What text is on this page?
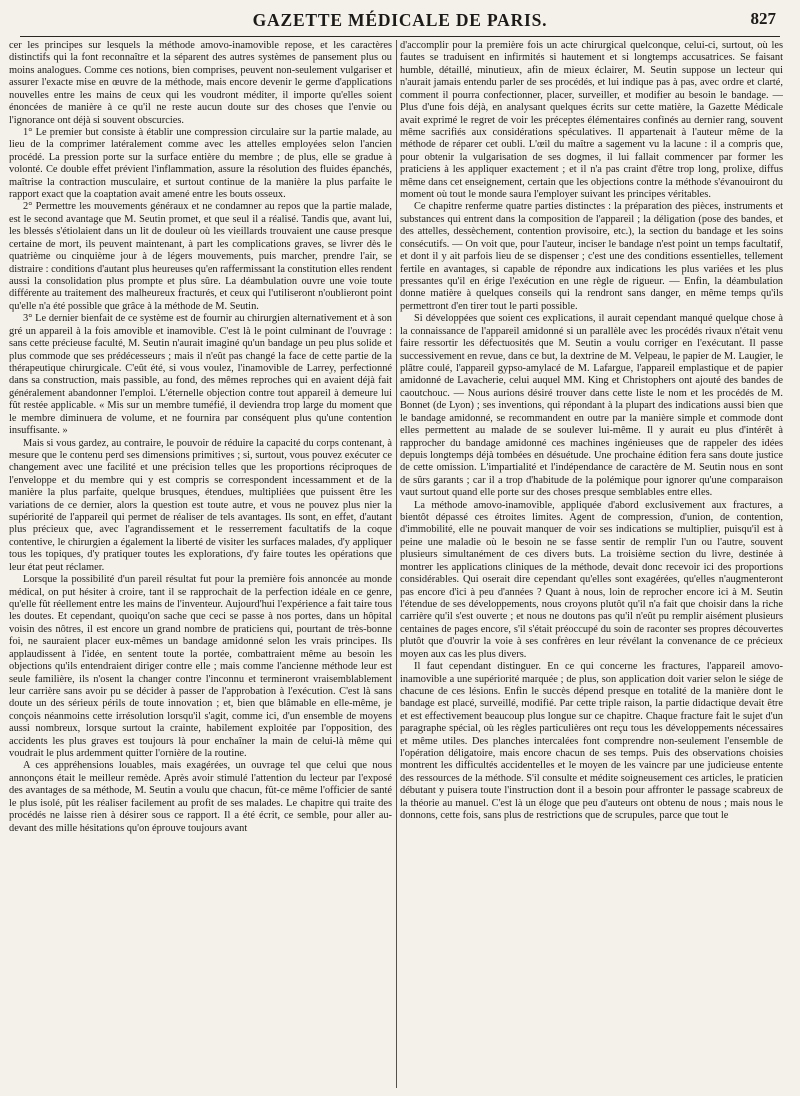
GAZETTE MÉDICALE DE PARIS.	827

cer les principes sur lesquels la méthode amovo-inamovible repose, et les caractères distinctifs qui la font reconnaître et la séparent des autres systèmes de pansement plus ou moins analogues. Comme ces notions, bien comprises, peuvent non-seulement vulgariser et assurer l'exacte mise en œuvre de la méthode, mais encore devenir le germe d'applications nouvelles entre les mains de ceux qui les voudront méditer, il importe qu'elles soient énoncées de manière à ce qu'il ne reste aucun doute sur des choses que l'envie ou l'ignorance ont déjà si souvent obscurcies.

1° Le premier but consiste à établir une compression circulaire sur la partie malade, au lieu de la comprimer latéralement comme avec les attelles employées selon l'ancien procédé. La pression porte sur la surface entière du membre ; de plus, elle se gradue à volonté. Ce double effet prévient l'inflammation, assure la résolution des fluides épanchés, maîtrise la contraction musculaire, et surtout continue de la manière la plus parfaite le rapport exact que la coaptation avait amené entre les bouts osseux.

2° Permettre les mouvements généraux et ne condamner au repos que la partie malade, est le second avantage que M. Seutin promet, et que seul il a réalisé. Tandis que, avant lui, les blessés s'étiolaient dans un lit de douleur où les vieillards trouvaient une cause presque certaine de mort, ils peuvent maintenant, à part les complications graves, se livrer dès le quatrième ou cinquième jour à de légers mouvements, puis marcher, prendre l'air, se distraire : conditions d'autant plus heureuses qu'en raffermissant la constitution elles rendent aussi la consolidation plus prompte et plus sûre. La déambulation ouvre une voie toute différente au traitement des malheureux fracturés, et ceux qui l'utiliseront n'oublieront point qu'elle n'a été possible que grâce à la méthode de M. Seutin.

3° Le dernier bienfait de ce système est de fournir au chirurgien alternativement et à son gré un appareil à la fois amovible et inamovible. C'est là le point culminant de l'ouvrage : sans cette précieuse faculté, M. Seutin n'aurait imaginé qu'un bandage un peu plus solide et plus commode que ses prédécesseurs ; mais il n'eût pas changé la face de cette partie de la thérapeutique chirurgicale. C'eût été, si vous voulez, l'inamovible de Larrey, perfectionné dans sa construction, mais passible, au fond, des mêmes reproches qui en avaient déjà fait généralement abandonner l'emploi. L'éternelle objection contre tout appareil à demeure lui fût restée applicable. « Mis sur un membre tuméfié, il deviendra trop large du moment que le membre diminuera de volume, et ne fournira par conséquent plus qu'une contention insuffisante. »

Mais si vous gardez, au contraire, le pouvoir de réduire la capacité du corps contenant, à mesure que le contenu perd ses dimensions primitives ; si, surtout, vous pouvez exécuter ce changement avec une facilité et une précision telles que les proportions réciproques de l'enveloppe et du membre qui y est compris se correspondent incessamment et de la manière la plus parfaite, quelque brusques, étendues, multipliées que puissent être les variations de ce dernier, alors la question est toute autre, et vous ne pouvez plus nier la supériorité de l'appareil qui permet de réaliser de tels avantages. Ils sont, en effet, d'autant plus précieux que, avec l'agrandissement et le resserrement facultatifs de la coque contentive, le chirurgien a également la liberté de visiter les surfaces malades, d'y appliquer tous les topiques, d'y pratiquer toutes les explorations, d'y faire toutes les opérations que leur état peut réclamer.

Lorsque la possibilité d'un pareil résultat fut pour la première fois annoncée au monde médical, on put hésiter à croire, tant il se rapprochait de la perfection idéale en ce genre, qu'elle fût réellement entre les mains de l'inventeur. Aujourd'hui l'expérience a fait taire tous les doutes. Et cependant, quoiqu'on sache que ceci se passe à nos portes, dans un hôpital voisin des nôtres, il est encore un grand nombre de praticiens qui, pourtant de très-bonne foi, ne sauraient placer eux-mêmes un bandage amidonné selon les vrais principes. Ils applaudissent à l'idée, en sentent toute la portée, combattraient même au besoin les objections qu'ils entendraient diriger contre elle ; mais comme l'ancienne méthode leur est seule familière, ils n'osent la changer contre l'inconnu et termineront vraisemblablement leur carrière sans avoir pu se décider à passer de l'approbation à l'exécution. C'est là sans doute un des sérieux périls de toute innovation ; et, bien que blâmable en elle-même, je conçois néanmoins cette irrésolution lorsqu'il s'agit, comme ici, d'un ensemble de moyens aussi nombreux, lorsque surtout la crainte, habilement exploitée par l'opposition, des accidents les plus graves est toujours là pour enchaîner la main de celui-là même qui voudrait le plus ardemment quitter l'ornière de la routine.

A ces appréhensions louables, mais exagérées, un ouvrage tel que celui que nous annonçons était le meilleur remède. Après avoir stimulé l'attention du lecteur par l'exposé des avantages de sa méthode, M. Seutin a voulu que chacun, fût-ce même l'officier de santé le plus isolé, pût les réaliser facilement au profit de ses malades. Le chapitre qui traite des procédés ne laisse rien à désirer sous ce rapport. Il a été écrit, ce semble, pour aller au-devant des mille hésitations qu'on éprouve toujours avant

d'accomplir pour la première fois un acte chirurgical quelconque, celui-ci, surtout, où les fautes se traduisent en infirmités si hautement et si longtemps accusatrices. Se faisant humble, détaillé, minutieux, afin de mieux éclairer, M. Seutin suppose un lecteur qui n'aurait jamais entendu parler de ses procédés, et lui indique pas à pas, avec ordre et clarté, comment il pourra confectionner, placer, surveiller, et modifier au besoin le bandage. — Plus d'une fois déjà, en analysant quelques écrits sur cette matière, la Gazette Médicale avait exprimé le regret de voir les préceptes élémentaires confinés au dernier rang, souvent même sacrifiés aux considérations spéculatives. Il appartenait à l'auteur même de la méthode de réparer cet oubli. L'œil du maître a sagement vu la lacune : il a compris que, pour obtenir la vulgarisation de ses dogmes, il lui fallait commencer par former les praticiens à les appliquer exactement ; et il n'a pas craint d'être trop long, prolixe, diffus même dans cet enseignement, certain que les objections contre la méthode s'évanouiront du moment où tout le monde saura l'employer suivant les principes véritables.

Ce chapitre renferme quatre parties distinctes : la préparation des pièces, instruments et substances qui entrent dans la composition de l'appareil ; la déligation (pose des bandes, et des attelles, dessèchement, contention provisoire, etc.), la section du bandage et les soins consécutifs. — On voit que, pour l'auteur, inciser le bandage n'est point un temps facultatif, et dont il y ait parfois lieu de se dispenser ; c'est une des conditions essentielles, tellement fertile en avantages, si capable de répondre aux indications les plus variées et les plus pressantes qu'il en érige l'exécution en une règle de rigueur. — Enfin, la déambulation donne matière à quelques conseils qui la rendront sans danger, en même temps qu'ils permettront d'en tirer tout le parti possible.

Si développées que soient ces explications, il aurait cependant manqué quelque chose à la connaissance de l'appareil amidonné si un parallèle avec les procédés rivaux n'était venu faire ressortir les défectuosités que M. Seutin a voulu corriger en l'exécutant. Il passe successivement en revue, dans ce but, la dextrine de M. Velpeau, le papier de M. Laugier, le plâtre coulé, l'appareil gypso-amylacé de M. Lafargue, l'appareil emplastique et de papier amidonné de Lavacherie, celui auquel MM. King et Christophers ont ajouté des bandes de caoutchouc. — Nous aurions désiré trouver dans cette liste le nom et les procédés de M. Bonnet (de Lyon) ; ses inventions, qui répondant à la plupart des indications aussi bien que le bandage amidonné, se recommandent en outre par la manière simple et commode dont elles permettent au malade de se soulever lui-même. Il y aurait eu plus d'intérêt à rapprocher du bandage amidonné ces machines ingénieuses que de rappeler des idées depuis longtemps déjà tombées en désuétude. Une prochaine édition fera sans doute justice de cette omission. L'impartialité et l'indépendance de caractère de M. Seutin nous en sont de sûrs garants ; car il a trop d'habitude de la polémique pour ignorer qu'une comparaison vaut surtout quand elle porte sur des choses presque semblables entre elles.

La méthode amovo-inamovible, appliquée d'abord exclusivement aux fractures, a bientôt dépassé ces étroites limites. Agent de compression, d'union, de contention, d'immobilité, elle ne pouvait manquer de voir ses indications se multiplier, puisqu'il est à peine une maladie où le besoin ne se fasse sentir de remplir l'un ou l'autre, souvent plusieurs simultanément de ces divers buts. La troisième section du livre, destinée à montrer les applications cliniques de la méthode, devait donc recevoir ici des proportions considérables. Qui oserait dire cependant qu'elles sont exagérées, qu'elles n'augmenteront pas encore d'ici à peu d'années ? Quant à nous, loin de reprocher encore ici à M. Seutin l'étendue de ses développements, nous croyons plutôt qu'il n'a fait que choisir dans la riche carrière qu'il s'est ouverte ; et nous ne doutons pas qu'il n'eût pu remplir aisément plusieurs centaines de pages encore, s'il s'était préoccupé du soin de raconter ses propres découvertes plutôt que d'ouvrir la voie à ses confrères en leur révélant la convenance de ce précieux moyen aux cas les plus divers.

Il faut cependant distinguer. En ce qui concerne les fractures, l'appareil amovo-inamovible a une supériorité marquée ; de plus, son application doit varier selon le siége de chacune de ces lésions. Enfin le succès dépend presque en totalité de la manière dont le bandage est placé, surveillé, modifié. Par cette triple raison, la partie didactique devait être et est effectivement beaucoup plus longue sur ce chapitre. Chaque fracture fait le sujet d'un paragraphe spécial, où les règles particulières ont reçu tous les développements nécessaires et même utiles. Des planches intercalées font comprendre non-seulement l'ensemble de l'opération déligatoire, mais encore chacun de ses temps. Puis des observations choisies montrent les difficultés accidentelles et le moyen de les vaincre par une judicieuse entente des ressources de la méthode. S'il consulte et médite soigneusement ces articles, le praticien débutant y puisera toute l'instruction dont il a besoin pour affronter le passage scabreux de la théorie au manuel. C'est là un éloge que peu d'auteurs ont obtenu de nous ; mais nous le donnons, cette fois, sans plus de restrictions que de scrupules, parce que tout le
